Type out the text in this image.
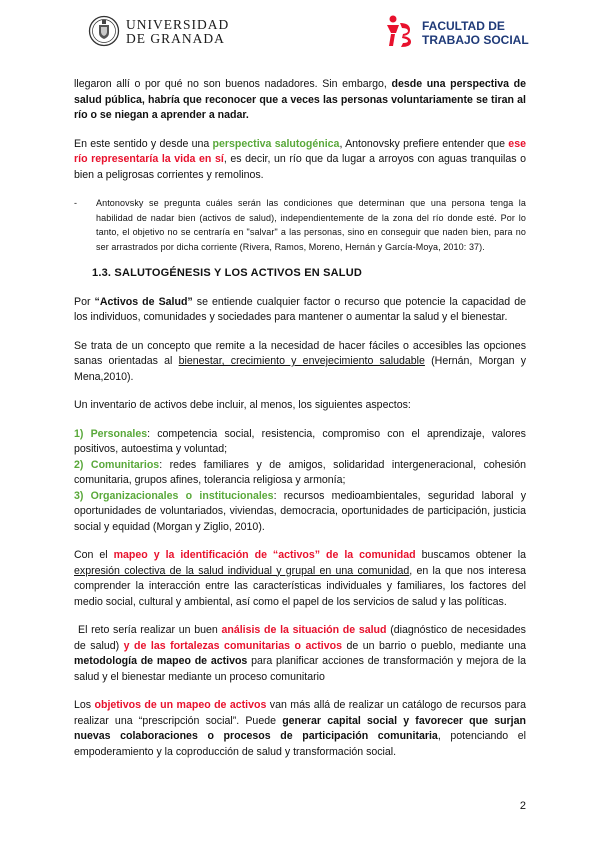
UNIVERSIDAD
DE GRANADA
FACULTAD DE
TRABAJO SOCIAL

llegaron allí o por qué no son buenos nadadores. Sin embargo, desde una perspectiva de salud pública, habría que reconocer que a veces las personas voluntariamente se tiran al río o se niegan a aprender a nadar.

En este sentido y desde una perspectiva salutogénica, Antonovsky prefiere entender que ese río representaría la vida en sí, es decir, un río que da lugar a arroyos con aguas tranquilas o bien a peligrosas corrientes y remolinos.

-	Antonovsky se pregunta cuáles serán las condiciones que determinan que una persona tenga la habilidad de nadar bien (activos de salud), independientemente de la zona del río donde esté. Por lo tanto, el objetivo no se centraría en "salvar" a las personas, sino en conseguir que naden bien, para no ser arrastrados por dicha corriente (Rivera, Ramos, Moreno, Hernán y García-Moya, 2010: 37).
1.3. SALUTOGÉNESIS Y LOS ACTIVOS EN SALUD

Por “Activos de Salud” se entiende cualquier factor o recurso que potencie la capacidad de los individuos, comunidades y sociedades para mantener o aumentar la salud y el bienestar.

Se trata de un concepto que remite a la necesidad de hacer fáciles o accesibles las opciones sanas orientadas al bienestar, crecimiento y envejecimiento saludable (Hernán, Morgan y Mena,2010).

Un inventario de activos debe incluir, al menos, los siguientes aspectos:

1) Personales: competencia social, resistencia, compromiso con el aprendizaje, valores positivos, autoestima y voluntad;

2) Comunitarios: redes familiares y de amigos, solidaridad intergeneracional, cohesión comunitaria, grupos afines, tolerancia religiosa y armonía;

3) Organizacionales o institucionales: recursos medioambientales, seguridad laboral y oportunidades de voluntariados, viviendas, democracia, oportunidades de participación, justicia social y equidad (Morgan y Ziglio, 2010).

Con el mapeo y la identificación de “activos” de la comunidad buscamos obtener la expresión colectiva de la salud individual y grupal en una comunidad, en la que nos interesa comprender la interacción entre las características individuales y familiares, los factores del medio social, cultural y ambiental, así como el papel de los servicios de salud y las políticas.

El reto sería realizar un buen análisis de la situación de salud (diagnóstico de necesidades de salud) y de las fortalezas comunitarias o activos de un barrio o pueblo, mediante una metodología de mapeo de activos para planificar acciones de transformación y mejora de la salud y el bienestar mediante un proceso comunitario

Los objetivos de un mapeo de activos van más allá de realizar un catálogo de recursos para realizar una “prescripción social”. Puede generar capital social y favorecer que surjan nuevas colaboraciones o procesos de participación comunitaria, potenciando el empoderamiento y la coproducción de salud y transformación social.

2
